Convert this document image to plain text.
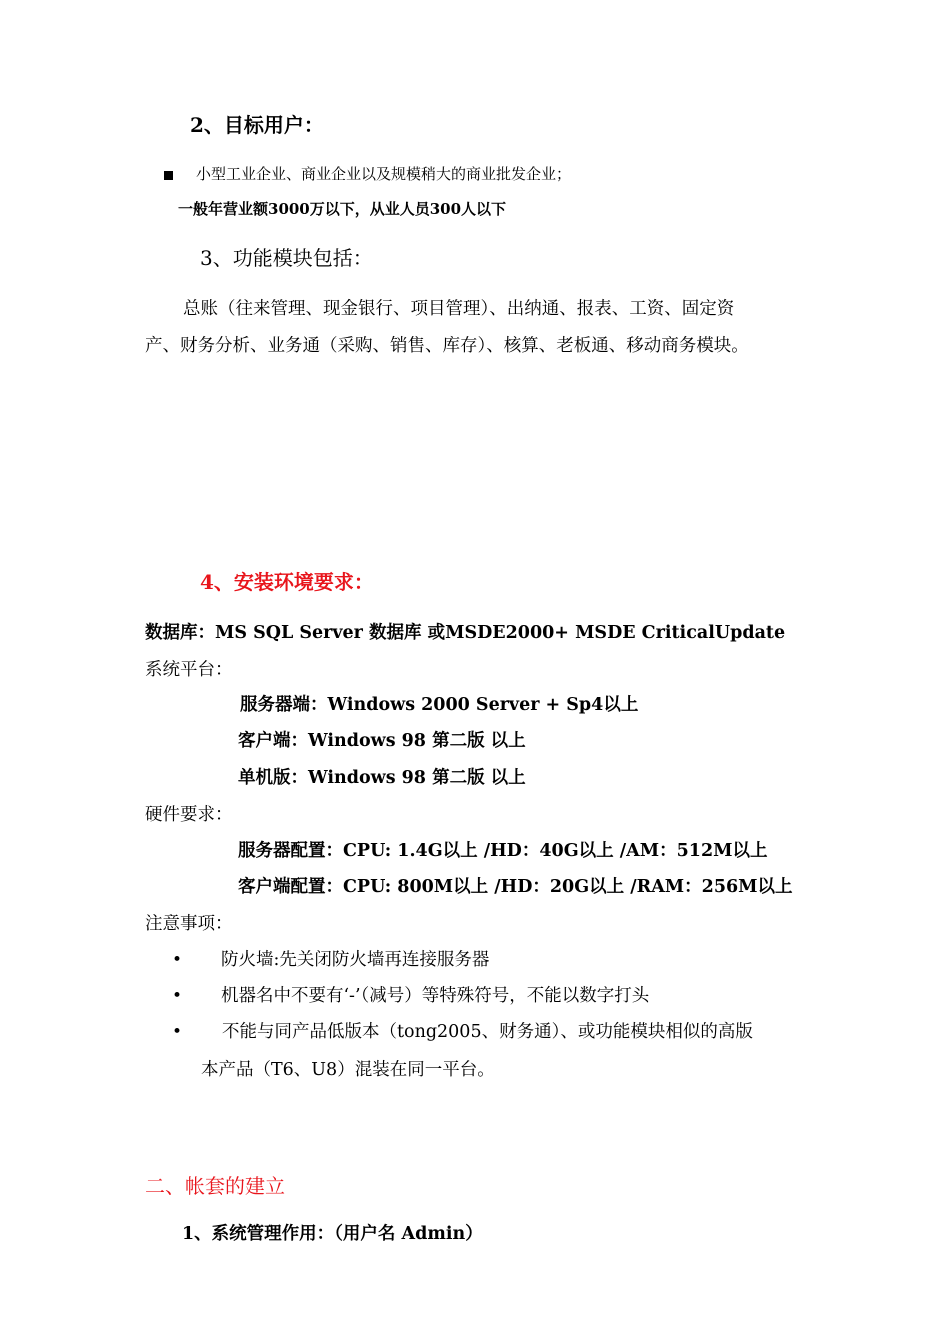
2、目标用户：
小型工业企业、商业企业以及规模稍大的商业批发企业；
一般年营业额3000万以下，从业人员300人以下
3、功能模块包括：
总账（往来管理、现金银行、项目管理）、出纳通、报表、工资、固定资
产、财务分析、业务通（采购、销售、库存）、核算、老板通、移动商务模块。
4、安装环境要求：
数据库：MS SQL Server 数据库 或MSDE2000+ MSDE CriticalUpdate
系统平台：
服务器端：Windows 2000 Server + Sp4以上
客户端：Windows 98 第二版 以上
单机版：Windows 98 第二版 以上
硬件要求：
服务器配置：CPU: 1.4G以上 /HD：40G以上 /AM：512M以上
客户端配置：CPU: 800M以上 /HD：20G以上 /RAM：256M以上
注意事项：
• 防火墙:先关闭防火墙再连接服务器
• 机器名中不要有‘-’（减号）等特殊符号，不能以数字打头
• 不能与同产品低版本（tong2005、财务通）、或功能模块相似的高版
本产品（T6、U8）混装在同一平台。
二、帐套的建立
1、系统管理作用：（用户名 Admin）
